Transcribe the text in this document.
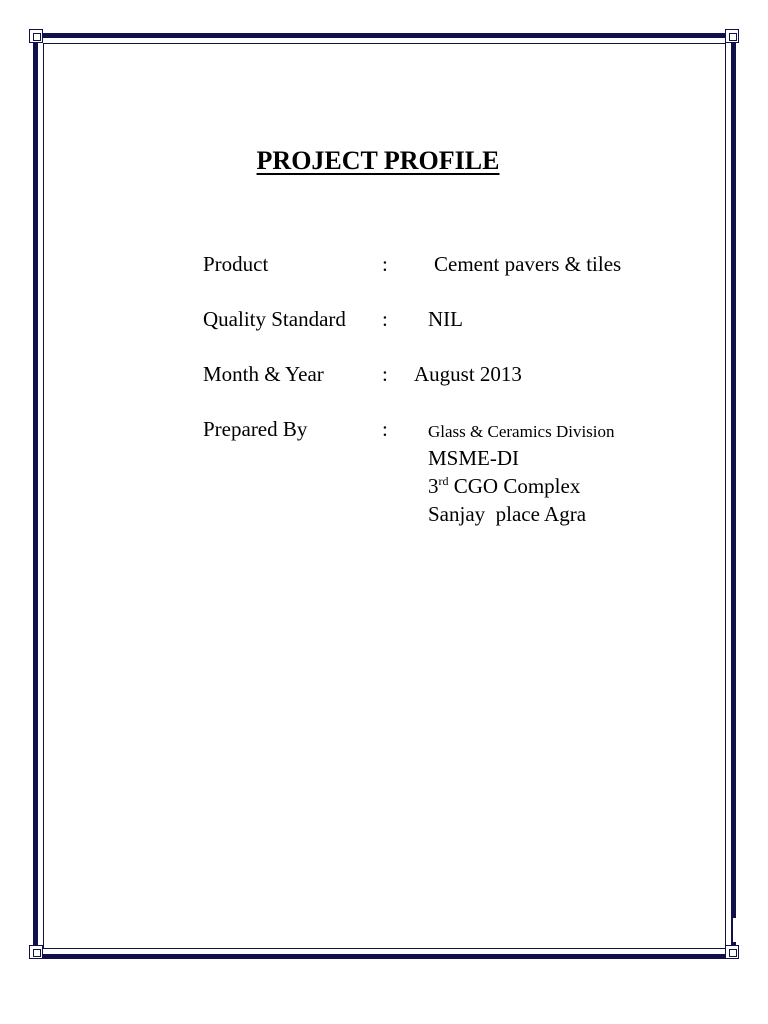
PROJECT PROFILE
Product	: Cement pavers & tiles
Quality Standard : NIL
Month & Year	: August 2013
Prepared By	: Glass & Ceramics Division
MSME-DI
3rd CGO Complex
Sanjay  place Agra
